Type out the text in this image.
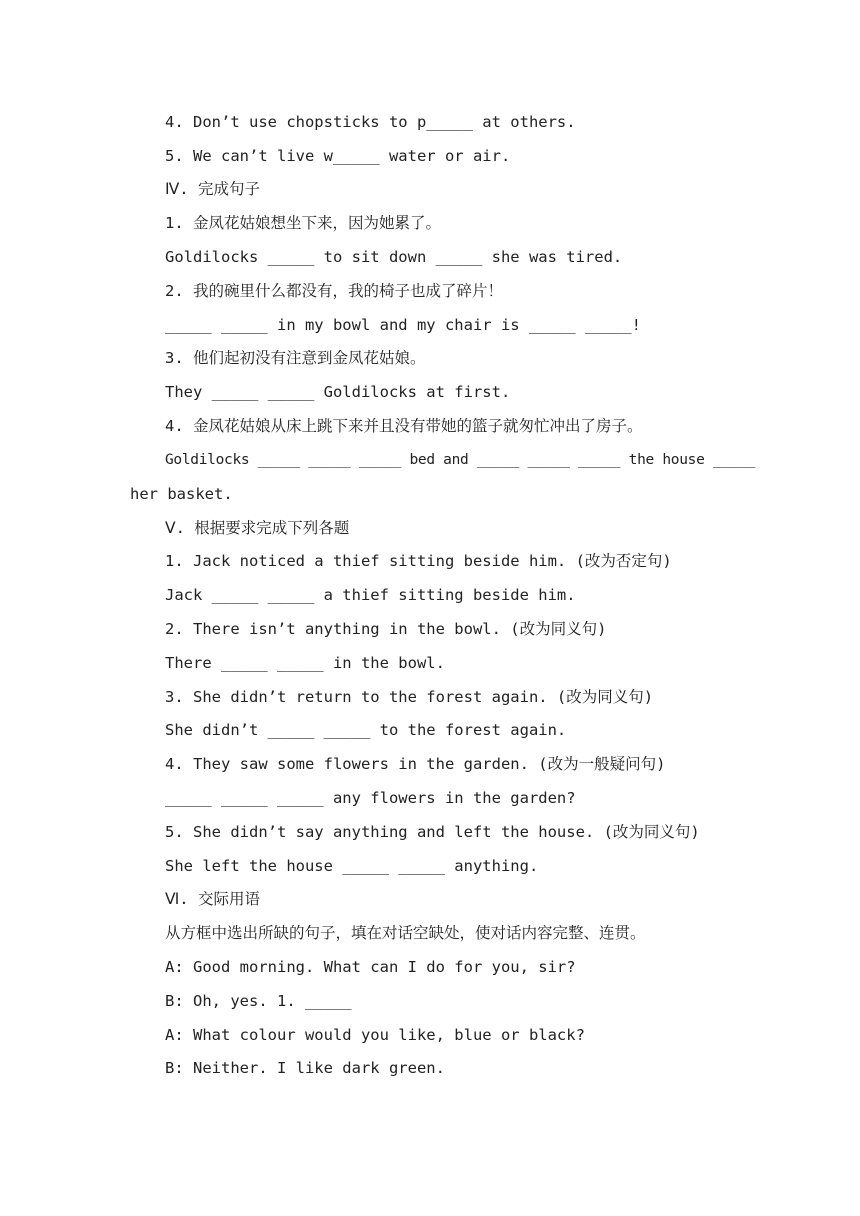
4. Don’t use chopsticks to p_____ at others.
5. We can’t live w_____ water or air.
Ⅳ. 完成句子
1. 金凤花姑娘想坐下来，因为她累了。
Goldilocks _____ to sit down _____ she was tired.
2. 我的碗里什么都没有，我的椅子也成了碎片！
_____ _____ in my bowl and my chair is _____ _____!
3. 他们起初没有注意到金凤花姑娘。
They _____ _____ Goldilocks at first.
4. 金凤花姑娘从床上跳下来并且没有带她的篮子就匆忙冲出了房子。
Goldilocks _____ _____ _____ bed and _____ _____ _____ the house _____
her basket.
Ⅴ. 根据要求完成下列各题
1. Jack noticed a thief sitting beside him. (改为否定句)
Jack _____ _____ a thief sitting beside him.
2. There isn’t anything in the bowl. (改为同义句)
There _____ _____ in the bowl.
3. She didn’t return to the forest again. (改为同义句)
She didn’t _____ _____ to the forest again.
4. They saw some flowers in the garden. (改为一般疑问句)
_____ _____ _____ any flowers in the garden?
5. She didn’t say anything and left the house. (改为同义句)
She left the house _____ _____ anything.
Ⅵ. 交际用语
从方框中选出所缺的句子，填在对话空缺处，使对话内容完整、连贯。
A: Good morning. What can I do for you, sir?
B: Oh, yes. 1. _____
A: What colour would you like, blue or black?
B: Neither. I like dark green.
